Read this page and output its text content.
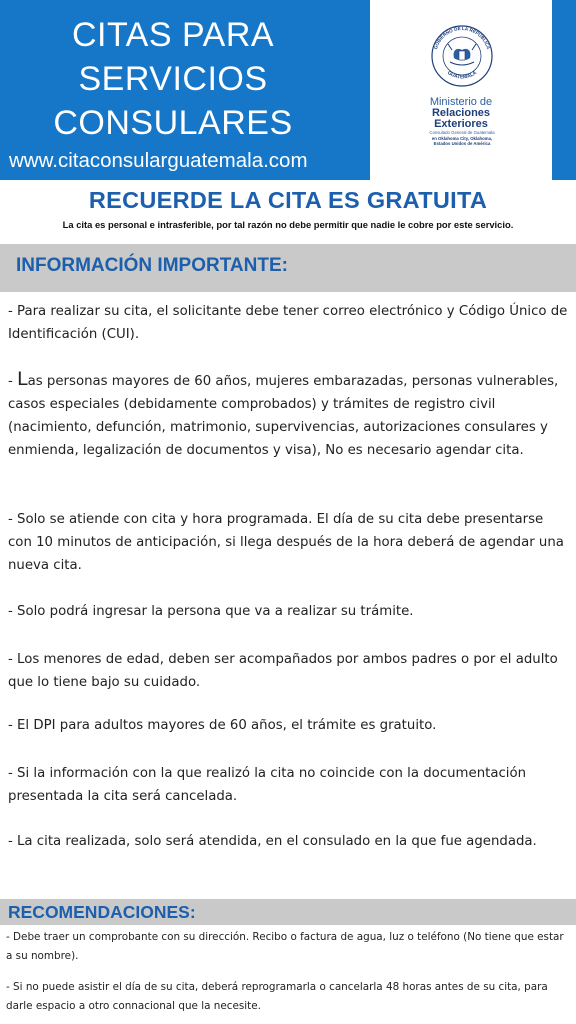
CITAS PARA
SERVICIOS
CONSULARES
www.citaconsularguatemala.com
GOBIERNO DE LA REPÚBLICA
GUATEMALA
Ministerio de
Relaciones
Exteriores
Consulado General de Guatemala
en Oklahoma City, Oklahoma,
Estados Unidos de América
RECUERDE LA CITA ES GRATUITA
La cita es personal e intrasferible, por tal razón no debe permitir que nadie le cobre por este servicio.
INFORMACIÓN IMPORTANTE:
- Para realizar su cita, el solicitante debe tener correo electrónico y Código Único de Identificación (CUI).
- Las personas mayores de 60 años, mujeres embarazadas, personas vulnerables, casos especiales (debidamente comprobados) y trámites de registro civil (nacimiento, defunción, matrimonio, supervivencias, autorizaciones consulares y enmienda, legalización de documentos y visa), No es necesario agendar cita.
- Solo se atiende con cita y hora programada. El día de su cita debe presentarse con 10 minutos de anticipación, si llega después de la hora deberá de agendar una nueva cita.
- Solo podrá ingresar la persona que va a realizar su trámite.
- Los menores de edad, deben ser acompañados por ambos padres o por el adulto que lo tiene bajo su cuidado.
- El DPI para adultos mayores de 60 años, el trámite es gratuito.
- Si la información con la que realizó la cita no coincide con la documentación presentada la cita será cancelada.
- La cita realizada, solo será atendida, en el consulado en la que fue agendada.
RECOMENDACIONES:
- Debe traer un comprobante con su dirección. Recibo o factura de agua, luz o teléfono (No tiene que estar a su nombre).
- Si no puede asistir el día de su cita, deberá reprogramarla o cancelarla 48 horas antes de su cita, para darle espacio a otro connacional que la necesite.
